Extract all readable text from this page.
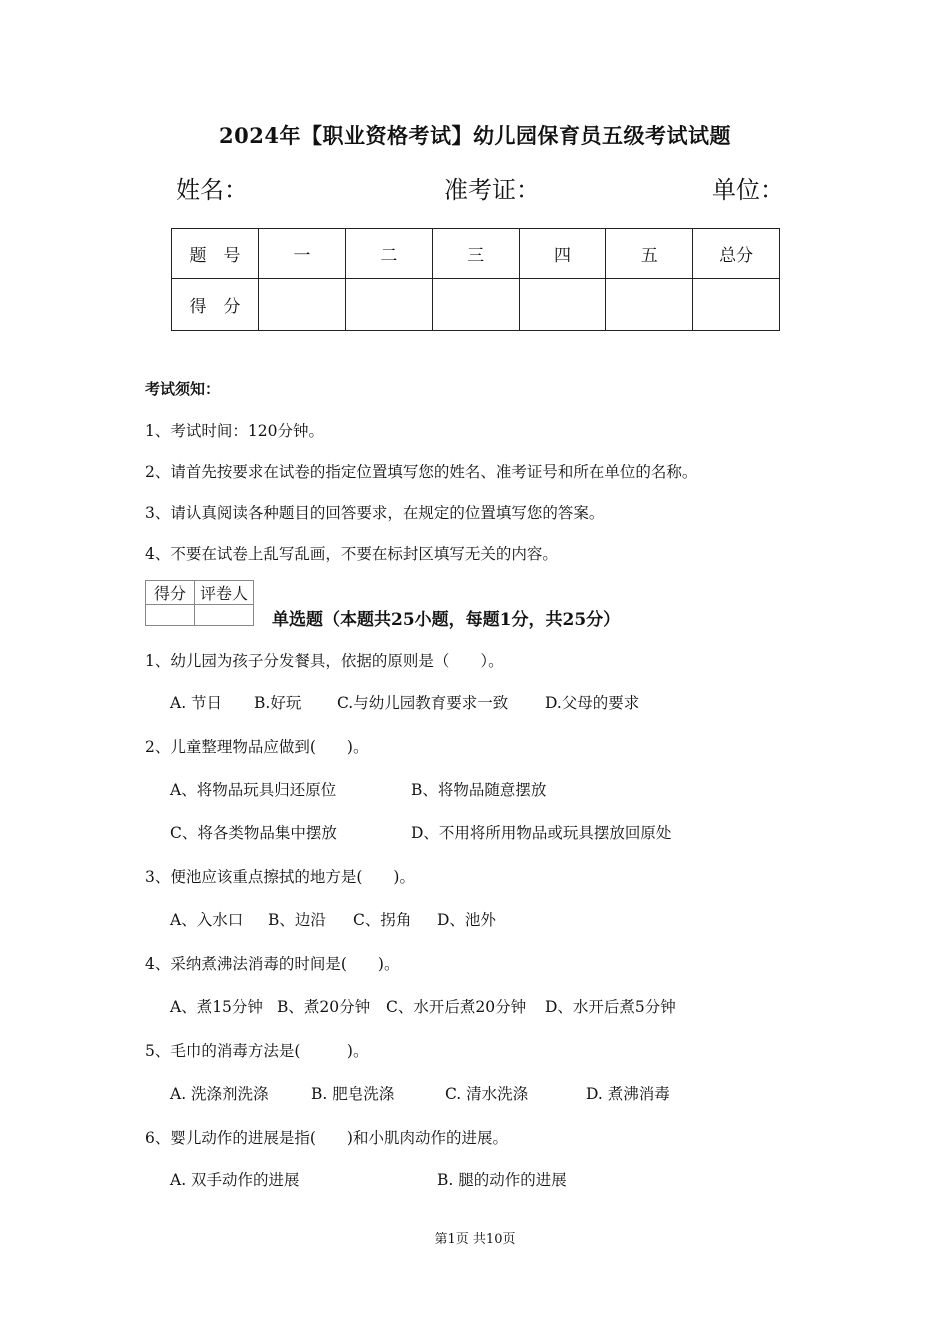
2024年【职业资格考试】幼儿园保育员五级考试试题
姓名：	准考证：	单位：
题　号	一	二	三	四	五	总分
得　分						
考试须知：
1、考试时间：120分钟。
2、请首先按要求在试卷的指定位置填写您的姓名、准考证号和所在单位的名称。
3、请认真阅读各种题目的回答要求，在规定的位置填写您的答案。
4、不要在试卷上乱写乱画，不要在标封区填写无关的内容。
得分	评卷人

单选题（本题共25小题，每题1分，共25分）
1、幼儿园为孩子分发餐具，依据的原则是（　　）。
A. 节日 B.好玩 C.与幼儿园教育要求一致 D.父母的要求
2、儿童整理物品应做到(　　)。
A、将物品玩具归还原位	B、将物品随意摆放
C、将各类物品集中摆放	D、不用将所用物品或玩具摆放回原处
3、便池应该重点擦拭的地方是(　　)。
A、入水口 B、边沿 C、拐角 D、池外
4、采纳煮沸法消毒的时间是(　　)。
A、煮15分钟 B、煮20分钟 C、水开后煮20分钟 D、水开后煮5分钟
5、毛巾的消毒方法是(　　　)。
A. 洗涤剂洗涤	B. 肥皂洗涤	C. 清水洗涤	D. 煮沸消毒
6、婴儿动作的进展是指(　　)和小肌肉动作的进展。
A. 双手动作的进展	B. 腿的动作的进展
第1页 共10页
